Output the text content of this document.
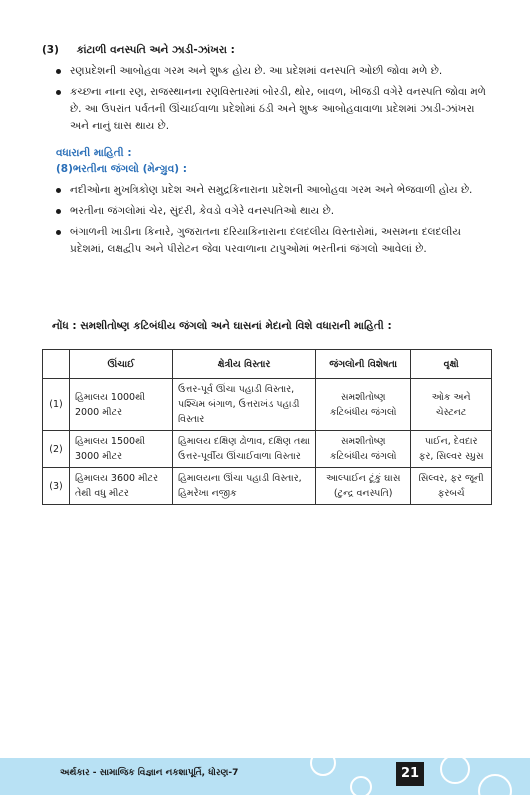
(3) કાંટાળી વનસ્પતિ અને ઝાડી-ઝાંખરા :
રણપ્રદેશની આબોહવા ગરમ અને શુષ્ક હોય છે. આ પ્રદેશમાં વનસ્પતિ ઓછી જોવા મળે છે.
કચ્છના નાના રણ, રાજસ્થાનના રણવિસ્તારમાં બોરડી, થોર, બાવળ, ખીજડી વગેરે વનસ્પતિ જોવા મળે છે. આ ઉપરાંત પર્વતની ઊંચાઈવાળા પ્રદેશોમાં ઠંડી અને શુષ્ક આબોહવાવાળા પ્રદેશમાં ઝાડી-ઝાંખરા અને નાનું ઘાસ થાય છે.
વધારાની માહિતી :
(8)ભરતીના જંગલો (મેન્ગ્રુવ) :
નદીઓના મુખત્રિકોણ પ્રદેશ અને સમુદ્રકિનારાના પ્રદેશની આબોહવા ગરમ અને ભેજવાળી હોય છે.
ભરતીના જંગલોમાં ચેર, સુંદરી, કેવડો વગેરે વનસ્પતિઓ થાય છે.
બંગાળની ખાડીના કિનારે, ગુજરાતના દરિયાકિનારાના દલદલીય વિસ્તારોમાં, અસમના દલદલીય પ્રદેશમાં, લક્ષદ્વીપ અને પીરોટન જેવા પરવાળાના ટાપુઓમાં ભરતીનાં જંગલો આવેલાં છે.
નોંધ : સમશીતોષ્ણ કટિબંધીય જંગલો અને ઘાસનાં મેદાનો વિશે વધારાની માહિતી :
	ઊંચાઈ	ક્ષેત્રીય વિસ્તાર	જંગલોની વિશેષતા	વૃક્ષો
(1)	હિમાલય 1000થી 2000 મીટર	ઉત્તર-પૂર્વ ઊંચા પહાડી વિસ્તાર, પશ્ચિમ બંગાળ, ઉત્તરાખંડ પહાડી વિસ્તાર	સમશીતોષ્ણ કટિબંધીય જંગલો	ઓક અને ચેસ્ટનટ
(2)	હિમાલય 1500થી 3000 મીટર	હિમાલય દક્ષિણ ઢોળાવ, દક્ષિણ તથા ઉત્તર-પૂર્વીય ઊંચાઈવાળા વિસ્તાર	સમશીતોષ્ણ કટિબંધીય જંગલો	પાઈન, દેવદાર ફર, સિલ્વર સ્પ્રુસ
(3)	હિમાલય 3600 મીટર તેથી વધુ મીટર	હિમાલયના ઊંચા પહાડી વિસ્તાર, હિમરેખા નજીક	આલ્પાઈન ટૂંકું ઘાસ (ટુન્દ્ર વનસ્પતિ)	સિલ્વર, ફર જૂની ફરબર્ચ
અર્થકાર - સામાજિક વિજ્ઞાન નકશાપૂર્તિ, ધોરણ-7	21
